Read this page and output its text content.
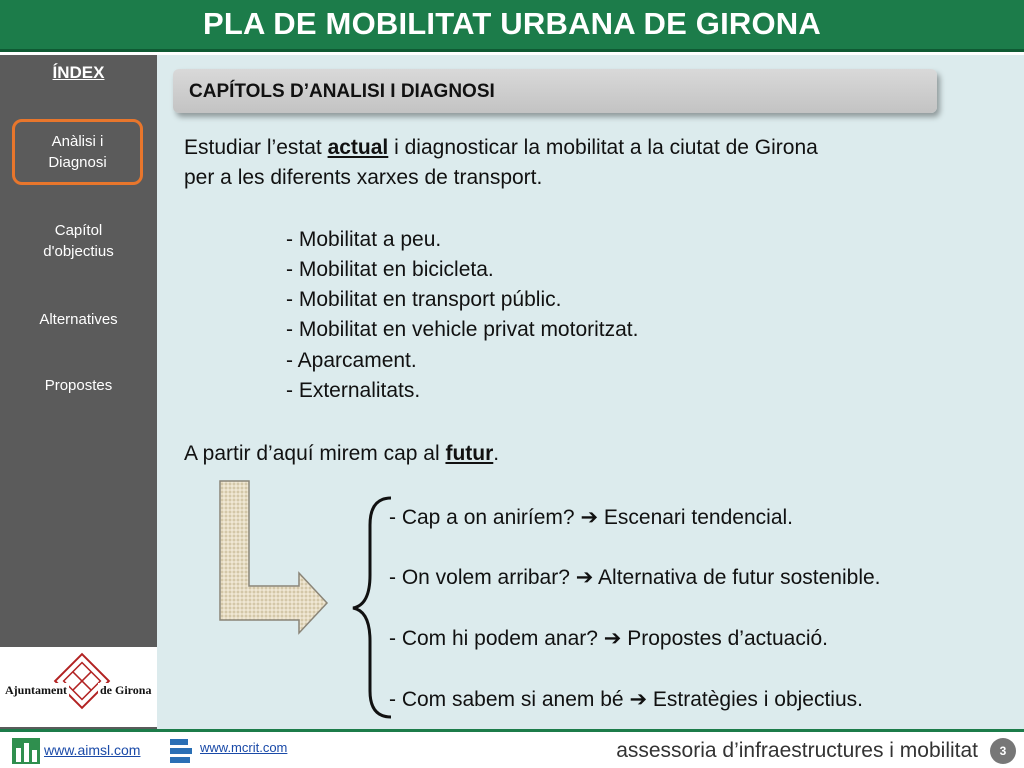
PLA DE MOBILITAT URBANA DE GIRONA
ÍNDEX
Anàlisi i
Diagnosi
Capítol
d'objectius
Alternatives
Propostes
Ajuntament	de Girona
CAPÍTOLS D’ANALISI I DIAGNOSI
Estudiar l’estat actual i diagnosticar la mobilitat a la ciutat de Girona
per a les diferents xarxes de transport.
- Mobilitat a peu.
- Mobilitat en bicicleta.
- Mobilitat en transport públic.
- Mobilitat en vehicle privat motoritzat.
- Aparcament.
- Externalitats.
A partir d’aquí mirem cap al futur.
- Cap a on aniríem? ➔ Escenari tendencial.
- On volem arribar? ➔ Alternativa de futur sostenible.
- Com hi podem anar? ➔ Propostes d’actuació.
- Com sabem si anem bé ➔ Estratègies i objectius.
www.aimsl.com	www.mcrit.com	assessoria d’infraestructures i mobilitat	3
